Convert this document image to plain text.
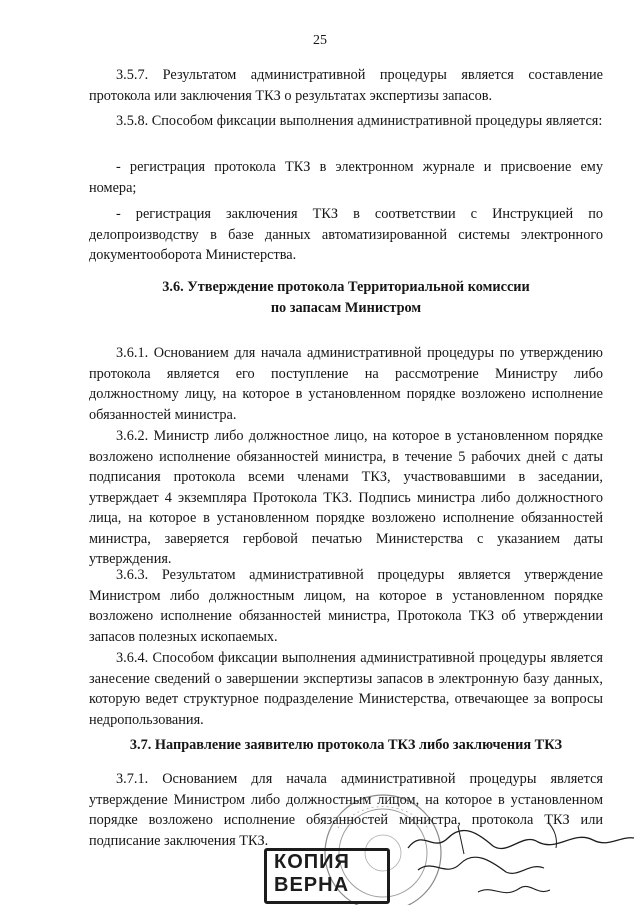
25

3.5.7. Результатом административной процедуры является составление протокола или заключения ТКЗ о результатах экспертизы запасов.

3.5.8. Способом фиксации выполнения административной процедуры является:

- регистрация протокола ТКЗ в электронном журнале и присвоение ему номера;

- регистрация заключения ТКЗ в соответствии с Инструкцией по делопроизводству в базе данных автоматизированной системы электронного документооборота Министерства.

3.6. Утверждение протокола Территориальной комиссии
по запасам Министром

3.6.1. Основанием для начала административной процедуры по утверждению протокола является его поступление на рассмотрение Министру либо должностному лицу, на которое в установленном порядке возложено исполнение обязанностей министра.

3.6.2. Министр либо должностное лицо, на которое в установленном порядке возложено исполнение обязанностей министра, в течение 5 рабочих дней с даты подписания протокола всеми членами ТКЗ, участвовавшими в заседании, утверждает 4 экземпляра Протокола ТКЗ. Подпись министра либо должностного лица, на которое в установленном порядке возложено исполнение обязанностей министра, заверяется гербовой печатью Министерства с указанием даты утверждения.

3.6.3. Результатом административной процедуры является утверждение Министром либо должностным лицом, на которое в установленном порядке возложено исполнение обязанностей министра, Протокола ТКЗ об утверждении запасов полезных ископаемых.

3.6.4. Способом фиксации выполнения административной процедуры является занесение сведений о завершении экспертизы запасов в электронную базу данных, которую ведет структурное подразделение Министерства, отвечающее за вопросы недропользования.

3.7. Направление заявителю протокола ТКЗ либо заключения ТКЗ

3.7.1. Основанием для начала административной процедуры является утверждение Министром либо должностным лицом, на которое в установленном порядке возложено исполнение обязанностей министра, протокола ТКЗ или подписание заключения ТКЗ.

КОПИЯ
ВЕРНА
